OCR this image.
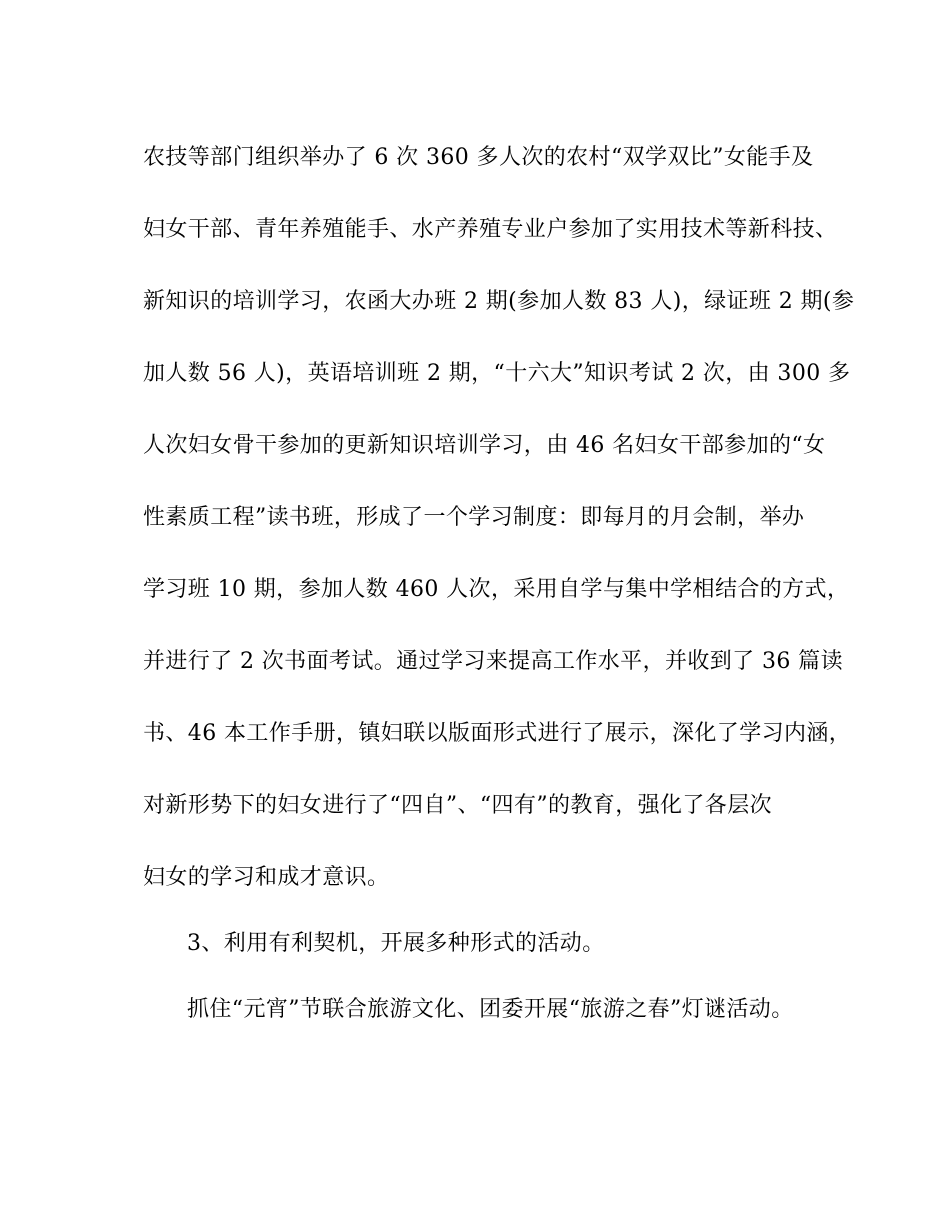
农技等部门组织举办了 6 次 360 多人次的农村“双学双比”女能手及
妇女干部、青年养殖能手、水产养殖专业户参加了实用技术等新科技、
新知识的培训学习，农函大办班 2 期(参加人数 83 人)，绿证班 2 期(参
加人数 56 人)，英语培训班 2 期，“十六大”知识考试 2 次，由 300 多
人次妇女骨干参加的更新知识培训学习，由 46 名妇女干部参加的“女
性素质工程”读书班，形成了一个学习制度：即每月的月会制，举办
学习班 10 期，参加人数 460 人次，采用自学与集中学相结合的方式，
并进行了 2 次书面考试。通过学习来提高工作水平，并收到了 36 篇读
书、46 本工作手册，镇妇联以版面形式进行了展示，深化了学习内涵，
对新形势下的妇女进行了“四自”、“四有”的教育，强化了各层次
妇女的学习和成才意识。
3、利用有利契机，开展多种形式的活动。
抓住“元宵”节联合旅游文化、团委开展“旅游之春”灯谜活动。
